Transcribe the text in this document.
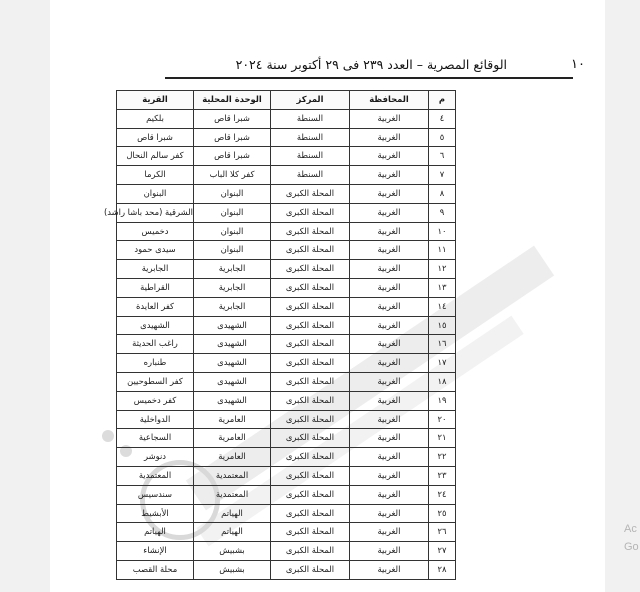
١٠
الوقائع المصرية – العدد ٢٣٩ فى ٢٩ أكتوبر سنة ٢٠٢٤
م	المحافظة	المركز	الوحدة المحلية	القرية
٤	الغربية	السنطة	شبرا قاص	بلكيم
٥	الغربية	السنطة	شبرا قاص	شبرا قاص
٦	الغربية	السنطة	شبرا قاص	كفر سالم النحال
٧	الغربية	السنطة	كفر كلا الباب	الكرما
٨	الغربية	المحلة الكبرى	البنوان	البنوان
٩	الغربية	المحلة الكبرى	البنوان	الشرقية (محد باشا راشد)
١٠	الغربية	المحلة الكبرى	البنوان	دخميس
١١	الغربية	المحلة الكبرى	البنوان	سيدى حمود
١٢	الغربية	المحلة الكبرى	الجابرية	الجابرية
١٣	الغربية	المحلة الكبرى	الجابرية	القراطية
١٤	الغربية	المحلة الكبرى	الجابرية	كفر العايدة
١٥	الغربية	المحلة الكبرى	الشهيدى	الشهيدى
١٦	الغربية	المحلة الكبرى	الشهيدى	راغب الحديثة
١٧	الغربية	المحلة الكبرى	الشهيدى	طنباره
١٨	الغربية	المحلة الكبرى	الشهيدى	كفر السطوحيين
١٩	الغربية	المحلة الكبرى	الشهيدى	كفر دخميس
٢٠	الغربية	المحلة الكبرى	العامرية	الدواخلية
٢١	الغربية	المحلة الكبرى	العامرية	السجاعية
٢٢	الغربية	المحلة الكبرى	العامرية	دنوشر
٢٣	الغربية	المحلة الكبرى	المعتمدية	المعتمدية
٢٤	الغربية	المحلة الكبرى	المعتمدية	سندسيس
٢٥	الغربية	المحلة الكبرى	الهياتم	الأبشيط
٢٦	الغربية	المحلة الكبرى	الهياتم	الهياتم
٢٧	الغربية	المحلة الكبرى	بشبيش	الإنشاء
٢٨	الغربية	المحلة الكبرى	بشبيش	محلة القصب
Ac
Go
